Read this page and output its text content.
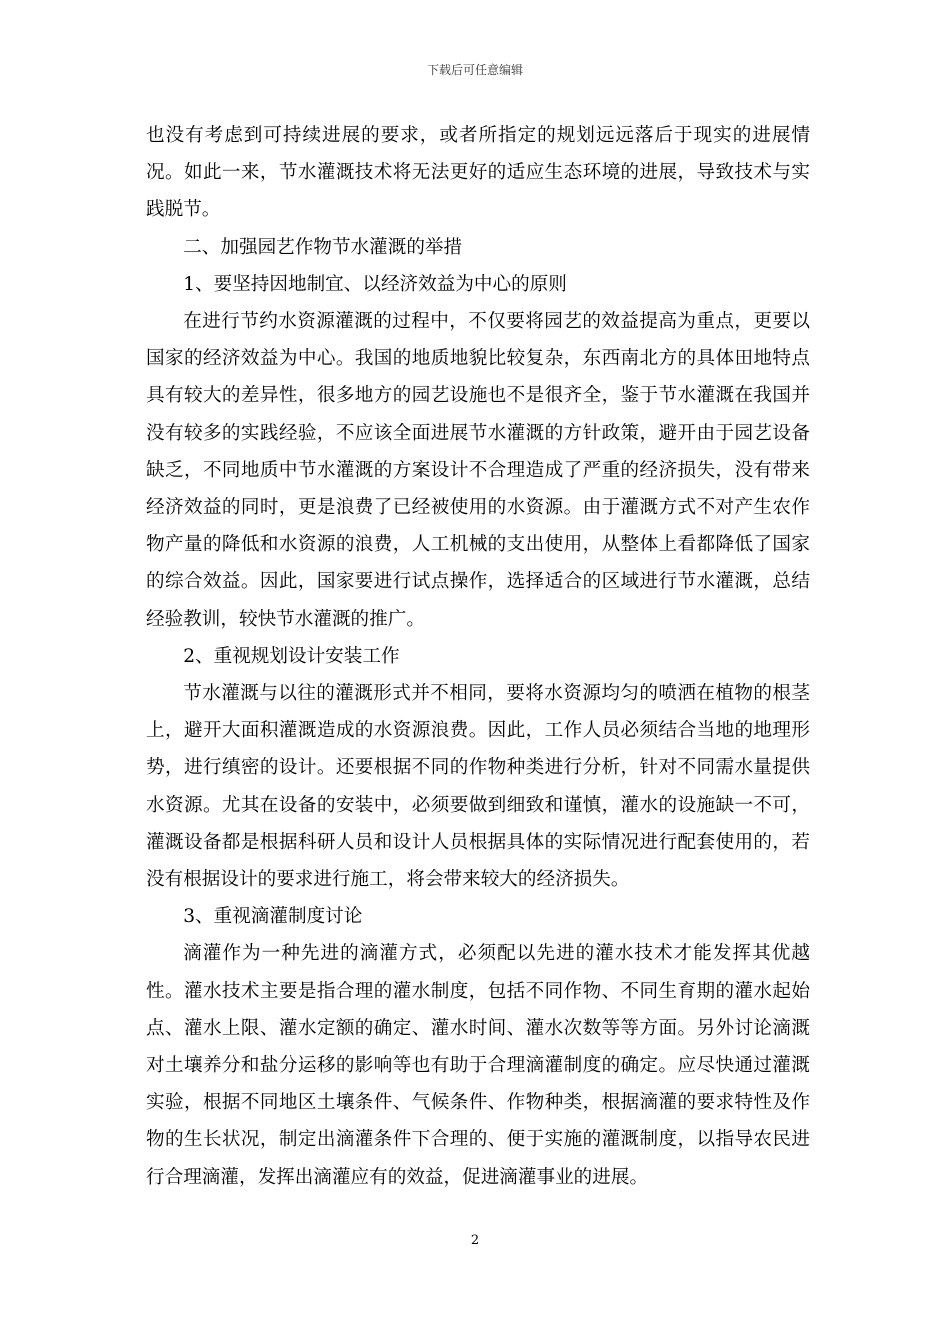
下载后可任意编辑

也没有考虑到可持续进展的要求，或者所指定的规划远远落后于现实的进展情况。如此一来，节水灌溉技术将无法更好的适应生态环境的进展，导致技术与实践脱节。

二、加强园艺作物节水灌溉的举措

1、要坚持因地制宜、以经济效益为中心的原则

在进行节约水资源灌溉的过程中，不仅要将园艺的效益提高为重点，更要以国家的经济效益为中心。我国的地质地貌比较复杂，东西南北方的具体田地特点具有较大的差异性，很多地方的园艺设施也不是很齐全，鉴于节水灌溉在我国并没有较多的实践经验，不应该全面进展节水灌溉的方针政策，避开由于园艺设备缺乏，不同地质中节水灌溉的方案设计不合理造成了严重的经济损失，没有带来经济效益的同时，更是浪费了已经被使用的水资源。由于灌溉方式不对产生农作物产量的降低和水资源的浪费，人工机械的支出使用，从整体上看都降低了国家的综合效益。因此，国家要进行试点操作，选择适合的区域进行节水灌溉，总结经验教训，较快节水灌溉的推广。

2、重视规划设计安装工作

节水灌溉与以往的灌溉形式并不相同，要将水资源均匀的喷洒在植物的根茎上，避开大面积灌溉造成的水资源浪费。因此，工作人员必须结合当地的地理形势，进行缜密的设计。还要根据不同的作物种类进行分析，针对不同需水量提供水资源。尤其在设备的安装中，必须要做到细致和谨慎，灌水的设施缺一不可，灌溉设备都是根据科研人员和设计人员根据具体的实际情况进行配套使用的，若没有根据设计的要求进行施工，将会带来较大的经济损失。

3、重视滴灌制度讨论

滴灌作为一种先进的滴灌方式，必须配以先进的灌水技术才能发挥其优越性。灌水技术主要是指合理的灌水制度，包括不同作物、不同生育期的灌水起始点、灌水上限、灌水定额的确定、灌水时间、灌水次数等等方面。另外讨论滴溉对土壤养分和盐分运移的影响等也有助于合理滴灌制度的确定。应尽快通过灌溉实验，根据不同地区土壤条件、气候条件、作物种类，根据滴灌的要求特性及作物的生长状况，制定出滴灌条件下合理的、便于实施的灌溉制度，以指导农民进行合理滴灌，发挥出滴灌应有的效益，促进滴灌事业的进展。

2
